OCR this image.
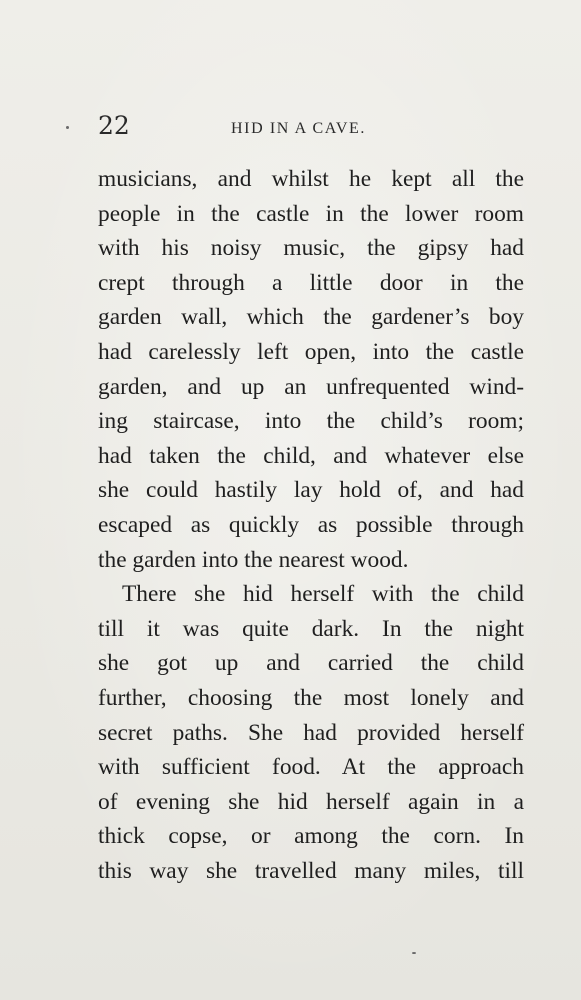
22	HID IN A CAVE.
musicians, and whilst he kept all the
people in the castle in the lower room
with his noisy music, the gipsy had
crept through a little door in the
garden wall, which the gardener’s boy
had carelessly left open, into the castle
garden, and up an unfrequented wind-
ing staircase, into the child’s room;
had taken the child, and whatever else
she could hastily lay hold of, and had
escaped as quickly as possible through
the garden into the nearest wood.
There she hid herself with the child
till it was quite dark. In the night
she got up and carried the child
further, choosing the most lonely and
secret paths. She had provided herself
with sufficient food. At the approach
of evening she hid herself again in a
thick copse, or among the corn. In
this way she travelled many miles, till
